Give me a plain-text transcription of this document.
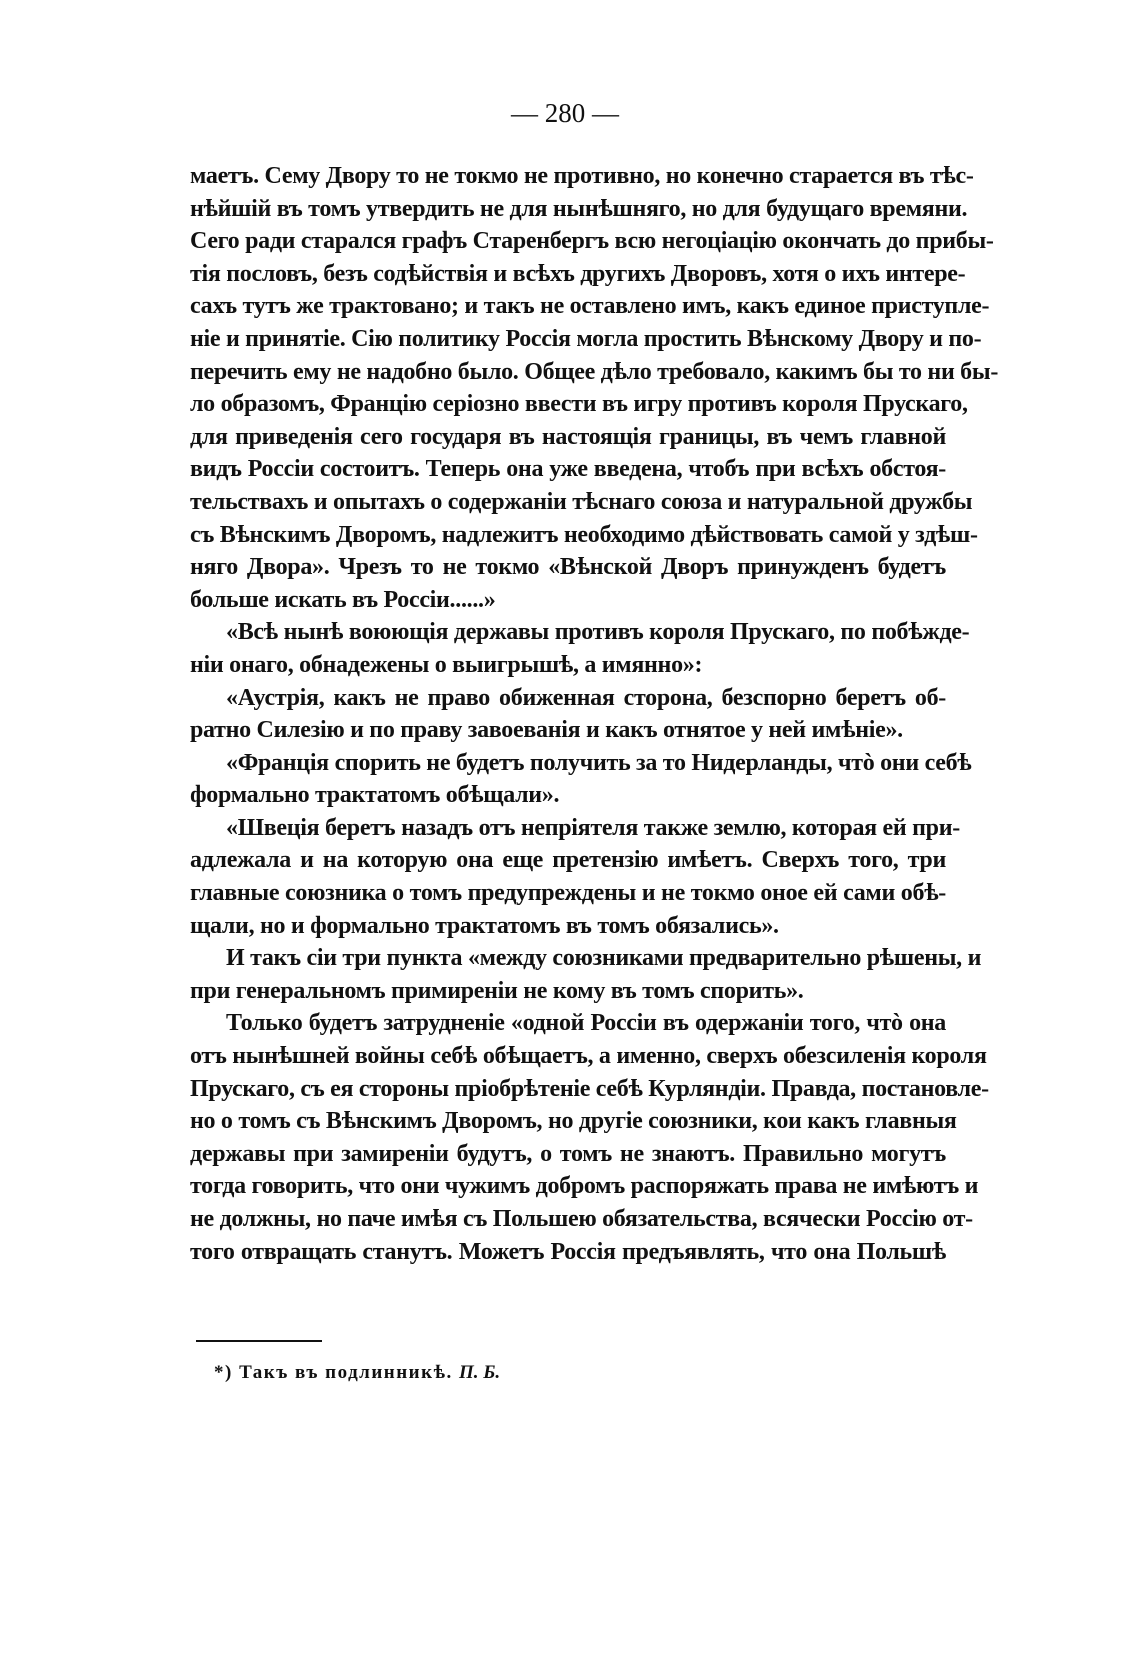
— 280 —
маетъ. Сему Двору то не токмо не противно, но конечно старается въ тѣс-
нѣйшій въ томъ утвердить не для нынѣшняго, но для будущаго времяни.
Сего ради старался графъ Старенбергъ всю негоціацію окончать до прибы-
тія пословъ, безъ содѣйствія и всѣхъ другихъ Дворовъ, хотя о ихъ интере-
сахъ тутъ же трактовано; и такъ не оставлено имъ, какъ единое приступле-
ніе и принятіе. Сію политику Россія могла простить Вѣнскому Двору и по-
перечить ему не надобно было. Общее дѣло требовало, какимъ бы то ни бы-
ло образомъ, Францію серіозно ввести въ игру противъ короля Прускаго,
для приведенія сего государя въ настоящія границы, въ чемъ главной
видъ Россіи состоитъ. Теперь она уже введена, чтобъ при всѣхъ обстоя-
тельствахъ и опытахъ о содержаніи тѣснаго союза и натуральной дружбы
съ Вѣнскимъ Дворомъ, надлежитъ необходимо дѣйствовать самой у здѣш-
няго Двора». Чрезъ то не токмо «Вѣнской Дворъ принужденъ будетъ
больше искать въ Россіи......»
«Всѣ нынѣ воюющія державы противъ короля Прускаго, по побѣжде-
ніи онаго, обнадежены о выигрышѣ, а имянно»:
«Аустрія, какъ не право обиженная сторона, безспорно беретъ об-
ратно Силезію и по праву завоеванія и какъ отнятое у ней имѣніе».
«Франція спорить не будетъ получить за то Нидерланды, чтò они себѣ
формально трактатомъ обѣщали».
«Швеція беретъ назадъ отъ непріятеля также землю, которая ей при-
адлежала и на которую она еще претензію имѣетъ. Сверхъ того, три
главные союзника о томъ предупреждены и не токмо оное ей сами обѣ-
щали, но и формально трактатомъ въ томъ обязались».
И такъ сіи три пункта «между союзниками предварительно рѣшены, и
при генеральномъ примиреніи не кому въ томъ спорить».
Только будетъ затрудненіе «одной Россіи въ одержаніи того, чтò она
отъ нынѣшней войны себѣ обѣщаетъ, а именно, сверхъ обезсиленія короля
Прускаго, съ ея стороны пріобрѣтеніе себѣ Курляндіи. Правда, постановле-
но о томъ съ Вѣнскимъ Дворомъ, но другіе союзники, кои какъ главныя
державы при замиреніи будутъ, о томъ не знаютъ. Правильно могутъ
тогда говорить, что они чужимъ добромъ распоряжать права не имѣютъ и
не должны, но паче имѣя съ Польшею обязательства, всячески Россію от-
того отвращать станутъ. Можетъ Россія предъявлять, что она Польшѣ
*) Такъ въ подлинникѣ. П. Б.
